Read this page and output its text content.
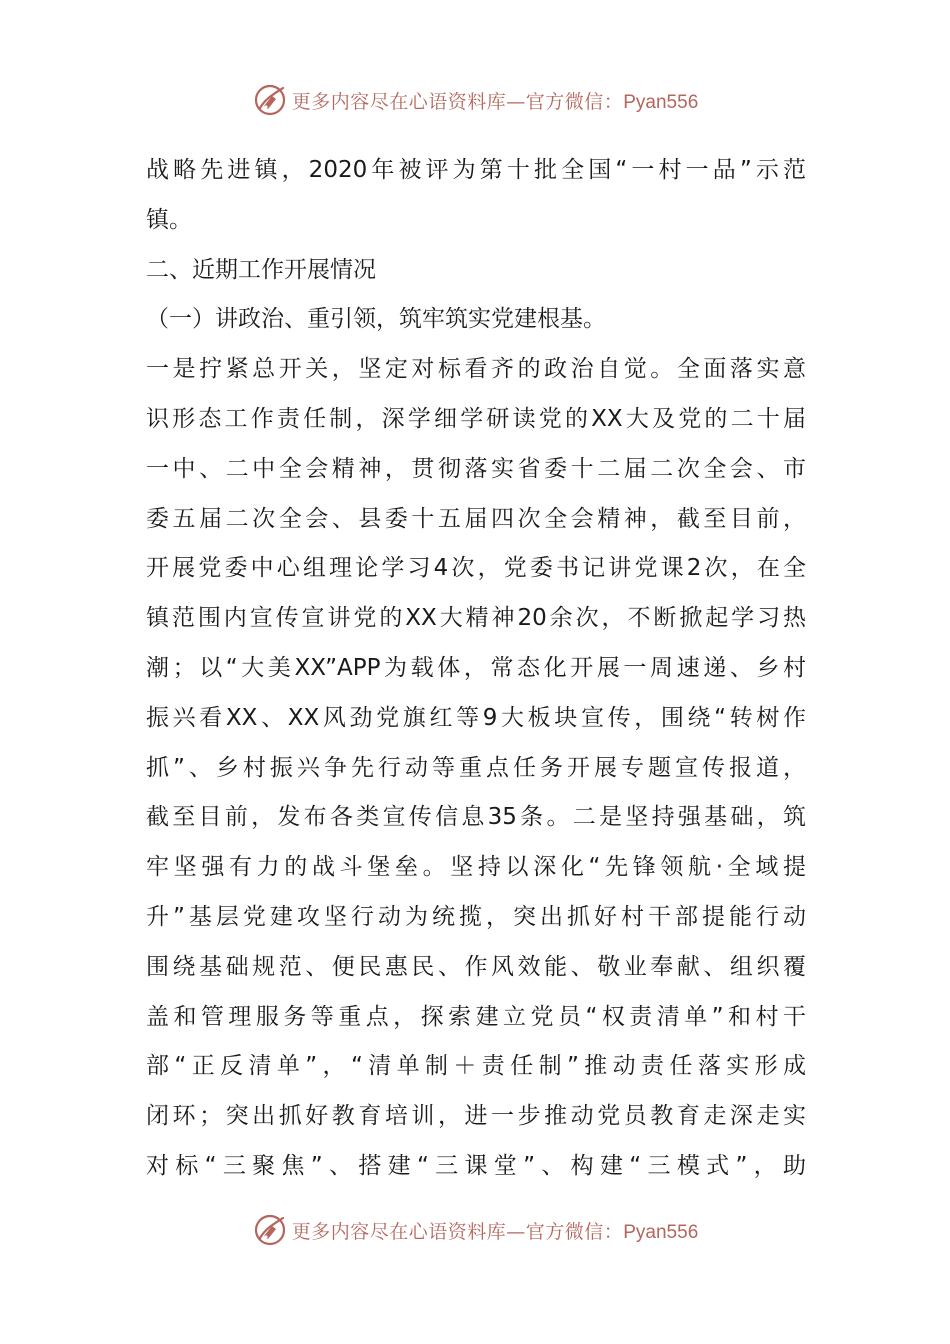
更多内容尽在心语资料库—官方微信：Pyan556
战略先进镇，2020年被评为第十批全国“一村一品”示范
镇。
二、近期工作开展情况
（一）讲政治、重引领，筑牢筑实党建根基。
一是拧紧总开关，坚定对标看齐的政治自觉。全面落实意
识形态工作责任制，深学细学研读党的XX大及党的二十届
一中、二中全会精神，贯彻落实省委十二届二次全会、市
委五届二次全会、县委十五届四次全会精神，截至目前，
开展党委中心组理论学习4次，党委书记讲党课2次，在全
镇范围内宣传宣讲党的XX大精神20余次，不断掀起学习热
潮；以“大美XX”APP为载体，常态化开展一周速递、乡村
振兴看XX、XX风劲党旗红等9大板块宣传，围绕“转树作
抓”、乡村振兴争先行动等重点任务开展专题宣传报道，
截至目前，发布各类宣传信息35条。二是坚持强基础，筑
牢坚强有力的战斗堡垒。坚持以深化“先锋领航·全域提
升”基层党建攻坚行动为统揽，突出抓好村干部提能行动
围绕基础规范、便民惠民、作风效能、敬业奉献、组织覆
盖和管理服务等重点，探索建立党员“权责清单”和村干
部“正反清单”，“清单制＋责任制”推动责任落实形成
闭环；突出抓好教育培训，进一步推动党员教育走深走实
对标“三聚焦”、搭建“三课堂”、构建“三模式”，助
更多内容尽在心语资料库—官方微信：Pyan556
